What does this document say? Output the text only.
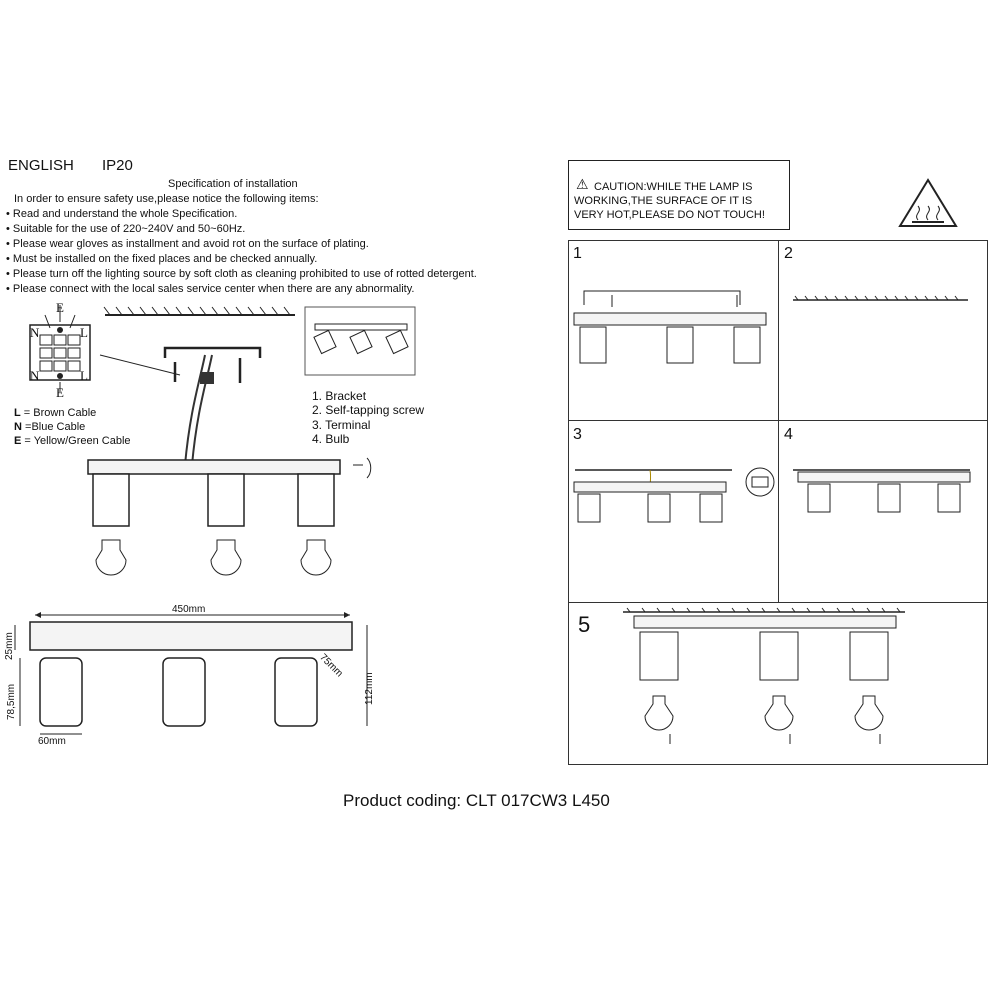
ENGLISH IP20
Specification of installation
In order to ensure safety use,please notice the following items:
• Read and understand the whole Specification.
• Suitable for the use of 220~240V and 50~60Hz.
• Please wear gloves as installment and avoid rot on the surface of plating.
• Must be installed on the fixed places and be checked annually.
• Please turn off the lighting source by soft cloth as cleaning prohibited to use of rotted detergent.
• Please connect with the local sales service center when there are any abnormality.
E
N	L
N	L
E
L = Brown Cable
N =Blue Cable
E = Yellow/Green Cable
1. Bracket
2. Self-tapping screw
3. Terminal
4. Bulb
450mm
25mm
78,5mm
60mm
75mm
112mm
⚠ CAUTION:WHILE THE LAMP IS
WORKING,THE SURFACE OF IT IS
VERY HOT,PLEASE DO NOT TOUCH!
1	2
3	4
5
Product coding: CLT 017CW3 L450
